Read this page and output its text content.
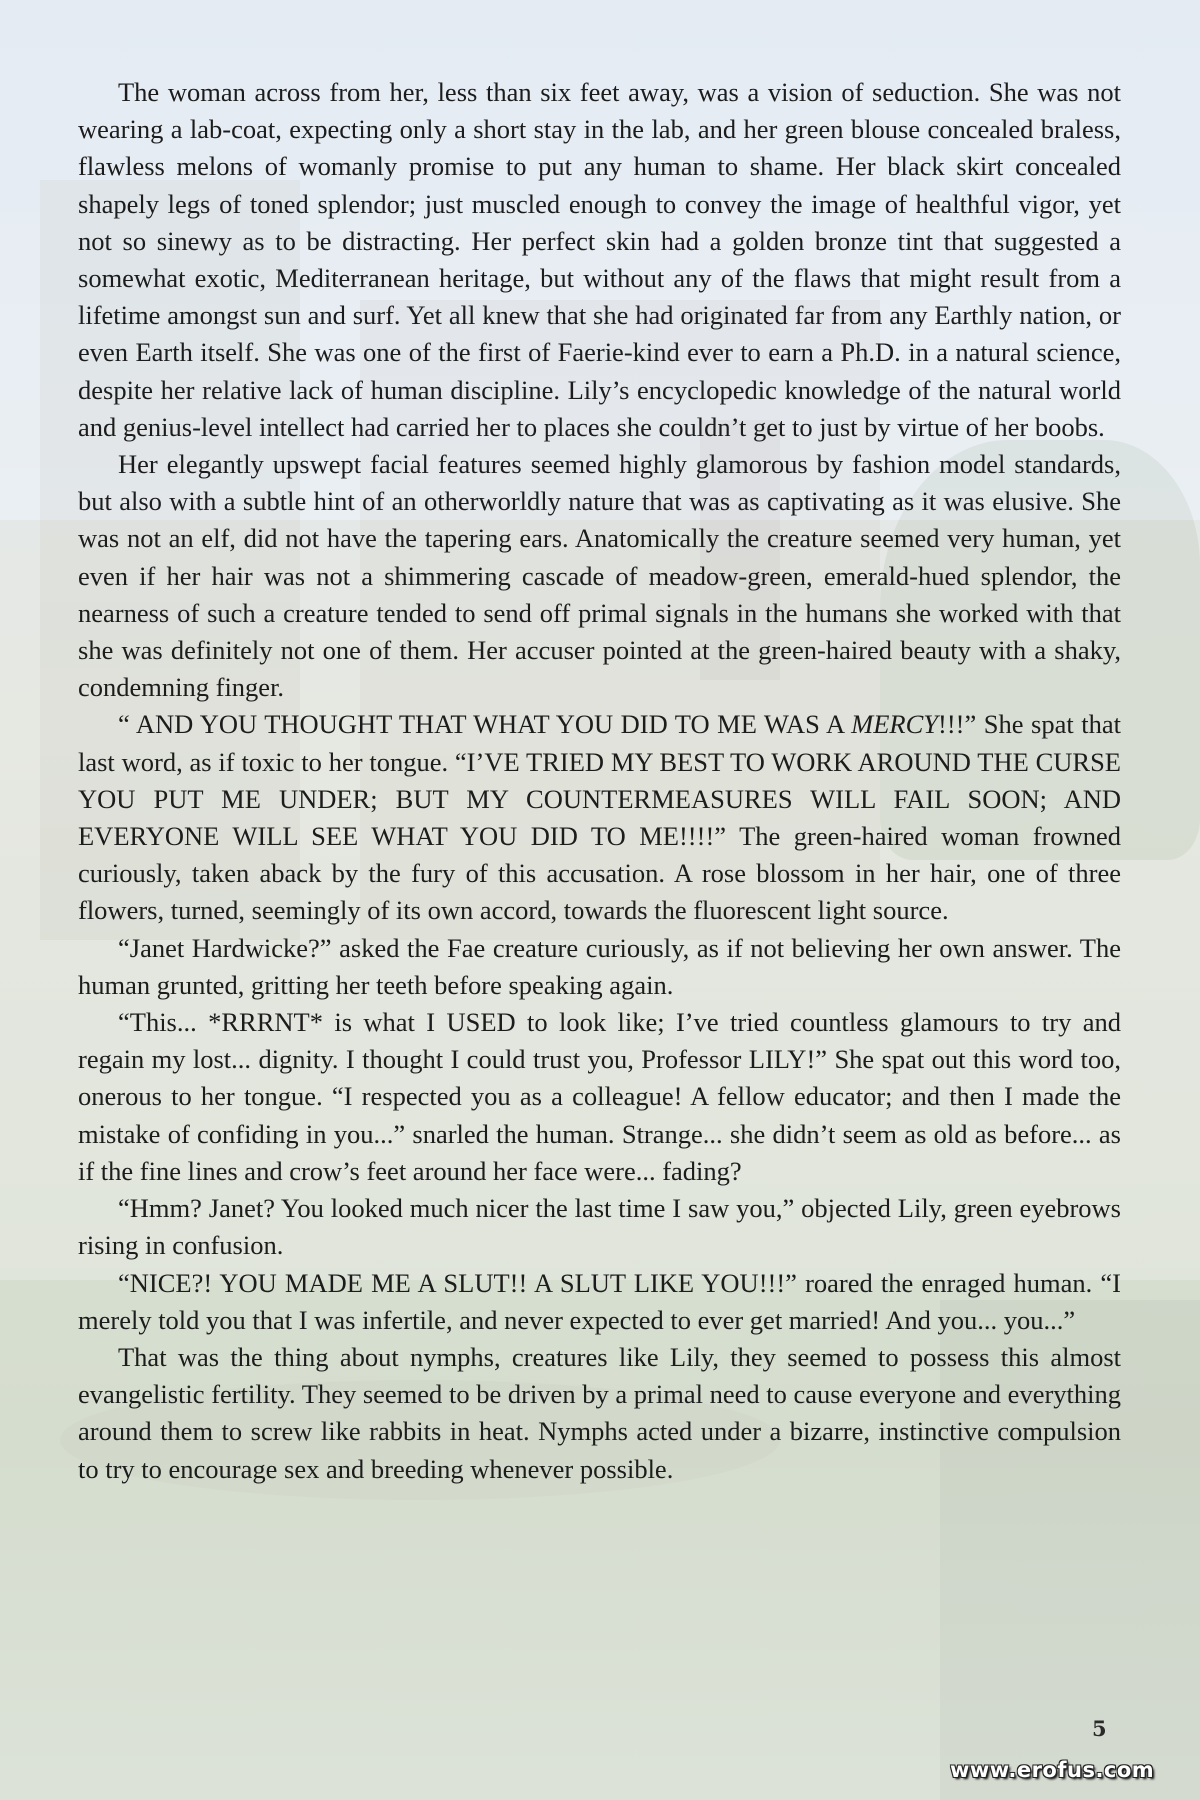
The woman across from her, less than six feet away, was a vision of seduction. She was not wearing a lab-coat, expecting only a short stay in the lab, and her green blouse concealed braless, flawless melons of womanly promise to put any human to shame. Her black skirt concealed shapely legs of toned splendor; just muscled enough to convey the image of healthful vigor, yet not so sinewy as to be distracting. Her perfect skin had a golden bronze tint that suggested a somewhat exotic, Mediterranean heritage, but without any of the flaws that might result from a lifetime amongst sun and surf. Yet all knew that she had originated far from any Earthly nation, or even Earth itself. She was one of the first of Faerie-kind ever to earn a Ph.D. in a natural science, despite her relative lack of human discipline. Lily’s encyclopedic knowledge of the natural world and genius-level intellect had carried her to places she couldn’t get to just by virtue of her boobs.

Her elegantly upswept facial features seemed highly glamorous by fashion model standards, but also with a subtle hint of an otherworldly nature that was as captivating as it was elusive. She was not an elf, did not have the tapering ears. Anatomically the creature seemed very human, yet even if her hair was not a shimmering cascade of meadow-green, emerald-hued splendor, the nearness of such a creature tended to send off primal signals in the humans she worked with that she was definitely not one of them. Her accuser pointed at the green-haired beauty with a shaky, condemning finger.

“ AND YOU THOUGHT THAT WHAT YOU DID TO ME WAS A MERCY!!!” She spat that last word, as if toxic to her tongue. “I’VE TRIED MY BEST TO WORK AROUND THE CURSE YOU PUT ME UNDER; BUT MY COUNTERMEASURES WILL FAIL SOON; AND EVERYONE WILL SEE WHAT YOU DID TO ME!!!!” The green-haired woman frowned curiously, taken aback by the fury of this accusation. A rose blossom in her hair, one of three flowers, turned, seemingly of its own accord, towards the fluorescent light source.

“Janet Hardwicke?” asked the Fae creature curiously, as if not believing her own answer. The human grunted, gritting her teeth before speaking again.

“This... *RRRNT* is what I USED to look like; I’ve tried countless glamours to try and regain my lost... dignity. I thought I could trust you, Professor LILY!” She spat out this word too, onerous to her tongue. “I respected you as a colleague! A fellow educator; and then I made the mistake of confiding in you...” snarled the human. Strange... she didn’t seem as old as before... as if the fine lines and crow’s feet around her face were... fading?

“Hmm? Janet? You looked much nicer the last time I saw you,” objected Lily, green eyebrows rising in confusion.

“NICE?! YOU MADE ME A SLUT!! A SLUT LIKE YOU!!!” roared the enraged human. “I merely told you that I was infertile, and never expected to ever get married! And you... you...”

That was the thing about nymphs, creatures like Lily, they seemed to possess this almost evangelistic fertility. They seemed to be driven by a primal need to cause everyone and everything around them to screw like rabbits in heat. Nymphs acted under a bizarre, instinctive compulsion to try to encourage sex and breeding whenever possible.

5
www.erofus.com
